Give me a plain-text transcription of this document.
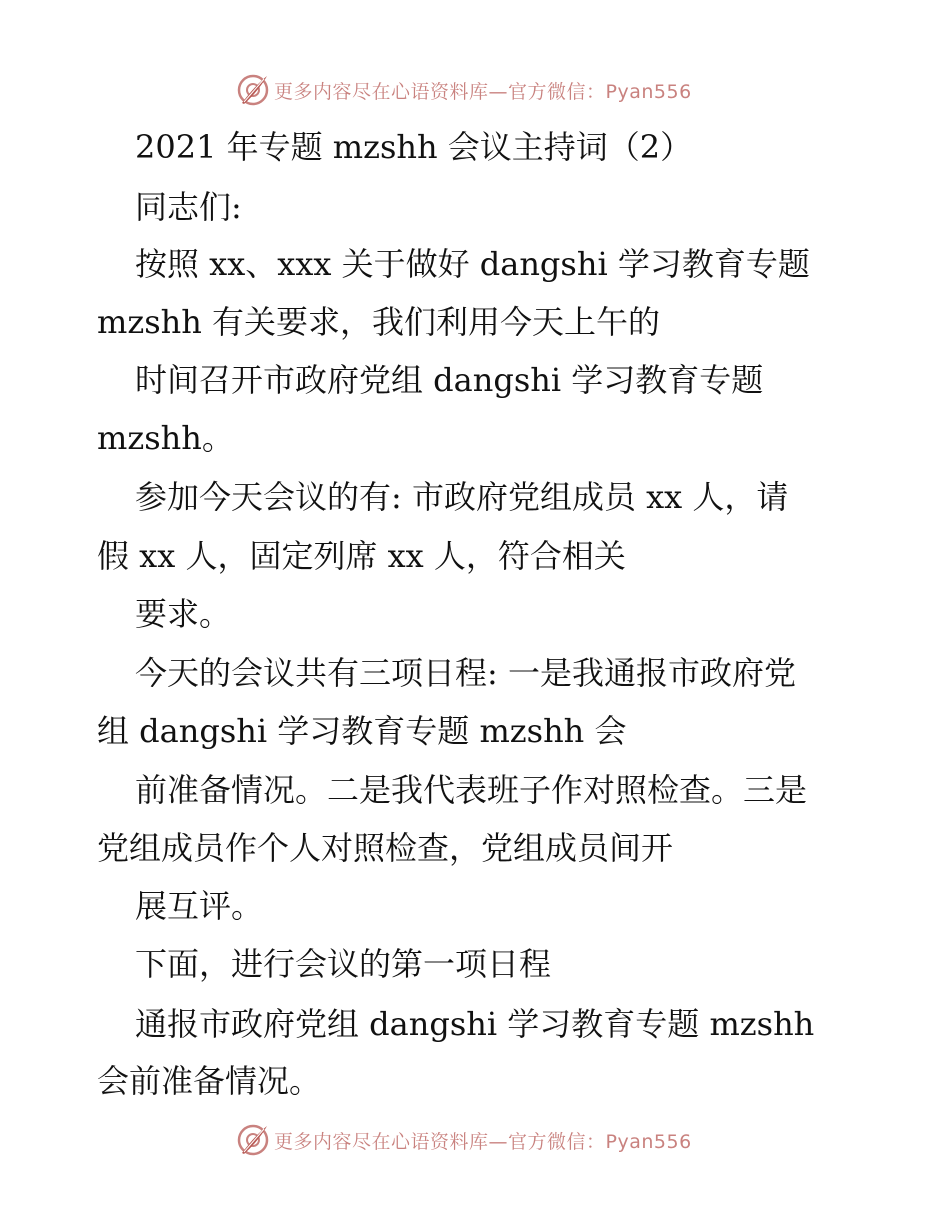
更多内容尽在心语资料库—官方微信：Pyan556

2021 年专题 mzshh 会议主持词（2）

同志们:

按照 xx、xxx 关于做好 dangshi 学习教育专题

mzshh 有关要求，我们利用今天上午的

时间召开市政府党组 dangshi 学习教育专题

mzshh。

参加今天会议的有: 市政府党组成员 xx 人，请

假 xx 人，固定列席 xx 人，符合相关

要求。

今天的会议共有三项日程: 一是我通报市政府党

组 dangshi 学习教育专题 mzshh 会

前准备情况。二是我代表班子作对照检查。三是

党组成员作个人对照检查，党组成员间开

展互评。

下面，进行会议的第一项日程

通报市政府党组 dangshi 学习教育专题 mzshh

会前准备情况。

更多内容尽在心语资料库—官方微信：Pyan556
